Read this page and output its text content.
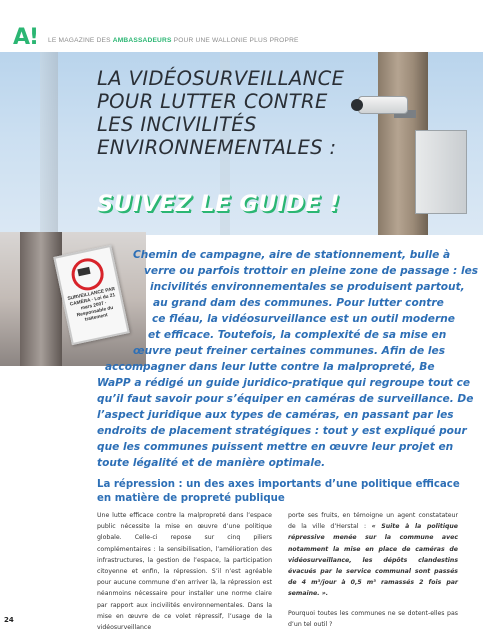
A! LE MAGAZINE DES AMBASSADEURS POUR UNE WALLONIE PLUS PROPRE
LA VIDÉOSURVEILLANCE
POUR LUTTER CONTRE
LES INCIVILITÉS
ENVIRONNEMENTALES :
SUIVEZ LE GUIDE !
SURVEILLANCE PAR CAMÉRA · Loi du 21 mars 2007 · Responsable du traitement
Chemin de campagne, aire de stationnement, bulle à
verre ou parfois trottoir en pleine zone de passage : les
incivilités environnementales se produisent partout,
au grand dam des communes. Pour lutter contre
ce fléau, la vidéosurveillance est un outil moderne
et efficace. Toutefois, la complexité de sa mise en
œuvre peut freiner certaines communes. Afin de les
accompagner dans leur lutte contre la malpropreté, Be
WaPP a rédigé un guide juridico-pratique qui regroupe tout ce
qu’il faut savoir pour s’équiper en caméras de surveillance. De
l’aspect juridique aux types de caméras, en passant par les
endroits de placement stratégiques : tout y est expliqué pour
que les communes puissent mettre en œuvre leur projet en
toute légalité et de manière optimale.
La répression : un des axes importants d’une politique efficace
en matière de propreté publique

Une lutte efficace contre la malpropreté dans l’espace public nécessite la mise en œuvre d’une politique globale. Celle-ci repose sur cinq piliers complémentaires : la sensibilisation, l’amélioration des infrastructures, la gestion de l’espace, la participation citoyenne et enfin, la répression. S’il n’est agréable pour aucune commune d’en arriver là, la répression est néanmoins nécessaire pour installer une norme claire par rapport aux incivilités environnementales. Dans la mise en œuvre de ce volet répressif, l’usage de la vidéosurveillance

porte ses fruits, en témoigne un agent constatateur de la ville d’Herstal : « Suite à la politique répressive menée sur la commune avec notamment la mise en place de caméras de vidéosurveillance, les dépôts clandestins évacués par le service communal sont passés de 4 m³/jour à 0,5 m³ ramassés 2 fois par semaine. ».

Pourquoi toutes les communes ne se dotent-elles pas d’un tel outil ?

24
